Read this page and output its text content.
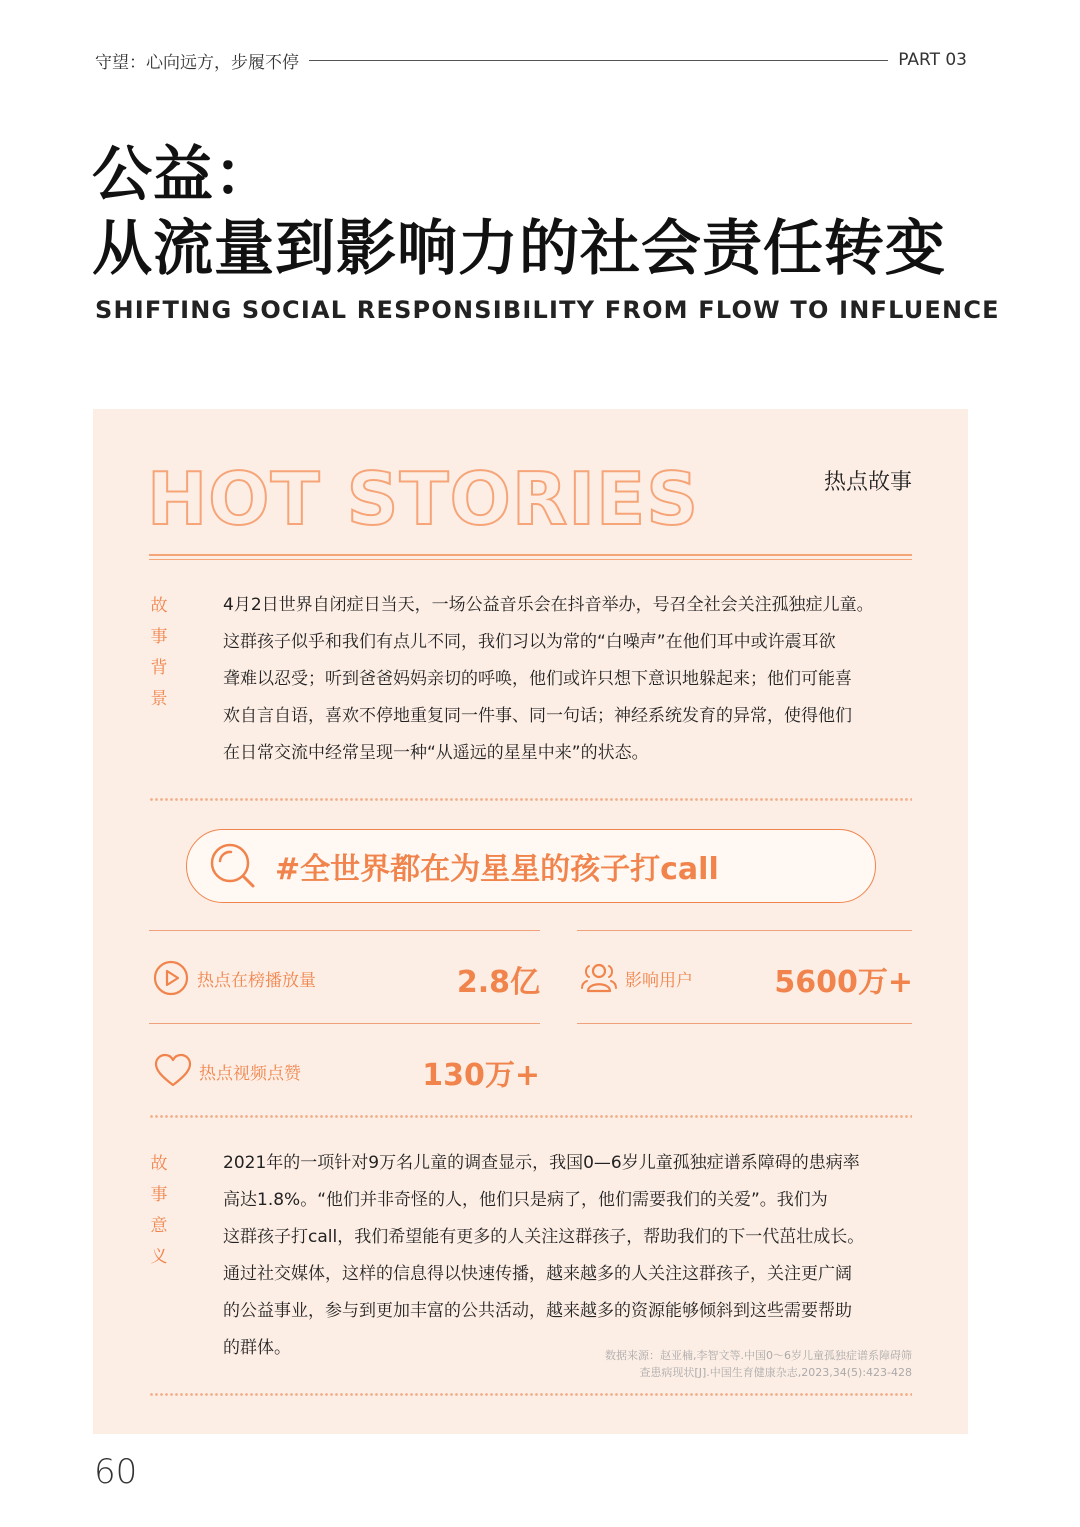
守望：心向远方，步履不停	PART 03
公益：
从流量到影响力的社会责任转变
SHIFTING SOCIAL RESPONSIBILITY FROM FLOW TO INFLUENCE
HOT STORIES	热点故事
故
事
背
景
4月2日世界自闭症日当天，一场公益音乐会在抖音举办，号召全社会关注孤独症儿童。
这群孩子似乎和我们有点儿不同，我们习以为常的“白噪声”在他们耳中或许震耳欲
聋难以忍受；听到爸爸妈妈亲切的呼唤，他们或许只想下意识地躲起来；他们可能喜
欢自言自语，喜欢不停地重复同一件事、同一句话；神经系统发育的异常，使得他们
在日常交流中经常呈现一种“从遥远的星星中来”的状态。
#全世界都在为星星的孩子打call
热点在榜播放量	2.8亿	影响用户	5600万+
热点视频点赞	130万+
故
事
意
义
2021年的一项针对9万名儿童的调查显示，我国0—6岁儿童孤独症谱系障碍的患病率
高达1.8%。“他们并非奇怪的人，他们只是病了，他们需要我们的关爱”。我们为
这群孩子打call，我们希望能有更多的人关注这群孩子，帮助我们的下一代茁壮成长。
通过社交媒体，这样的信息得以快速传播，越来越多的人关注这群孩子，关注更广阔
的公益事业，参与到更加丰富的公共活动，越来越多的资源能够倾斜到这些需要帮助
的群体。	数据来源：赵亚楠,李智文等.中国0～6岁儿童孤独症谱系障碍筛
查患病现状[J].中国生育健康杂志,2023,34(5):423-428
60
